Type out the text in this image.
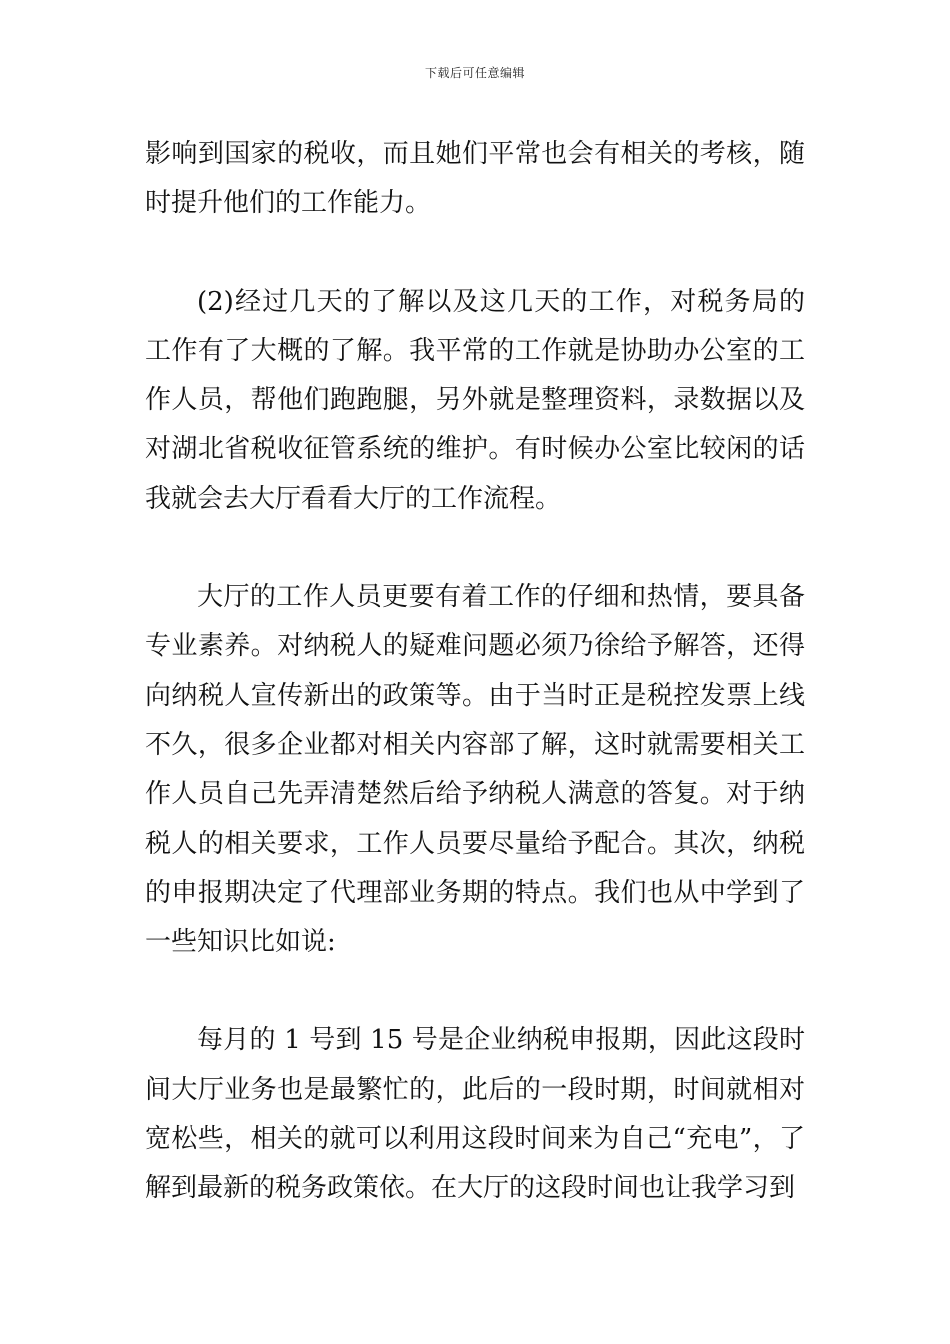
下载后可任意编辑

影响到国家的税收，而且她们平常也会有相关的考核，随时提升他们的工作能力。

(2)经过几天的了解以及这几天的工作，对税务局的工作有了大概的了解。我平常的工作就是协助办公室的工作人员，帮他们跑跑腿，另外就是整理资料，录数据以及对湖北省税收征管系统的维护。有时候办公室比较闲的话我就会去大厅看看大厅的工作流程。

大厅的工作人员更要有着工作的仔细和热情，要具备专业素养。对纳税人的疑难问题必须乃徐给予解答，还得向纳税人宣传新出的政策等。由于当时正是税控发票上线不久，很多企业都对相关内容部了解，这时就需要相关工作人员自己先弄清楚然后给予纳税人满意的答复。对于纳税人的相关要求，工作人员要尽量给予配合。其次，纳税的申报期决定了代理部业务期的特点。我们也从中学到了一些知识比如说:

每月的 1 号到 15 号是企业纳税申报期，因此这段时间大厅业务也是最繁忙的，此后的一段时期，时间就相对宽松些，相关的就可以利用这段时间来为自己“充电”，了解到最新的税务政策依。在大厅的这段时间也让我学习到
